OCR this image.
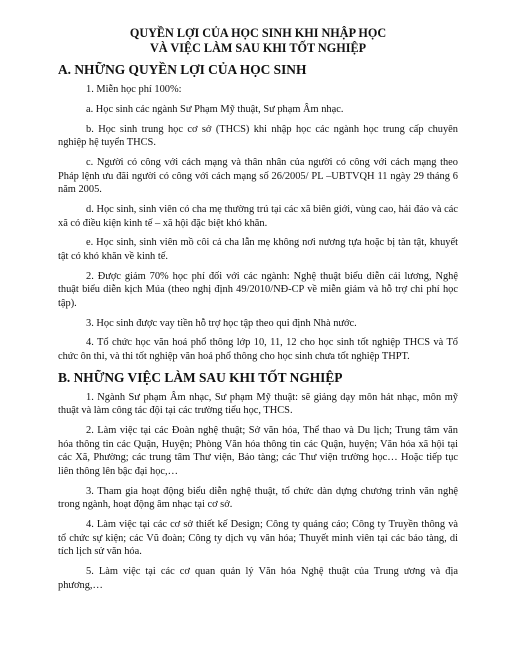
QUYỀN LỢI CỦA HỌC SINH KHI NHẬP HỌC

VÀ VIỆC LÀM SAU KHI TỐT NGHIỆP

A. NHỮNG QUYỀN LỢI CỦA HỌC SINH

1. Miễn học phí 100%:

a. Học sinh các ngành Sư Phạm Mỹ thuật, Sư phạm Âm nhạc.

b. Học sinh trung học cơ sở (THCS) khi nhập học các ngành học trung cấp chuyên nghiệp hệ tuyển THCS.

c. Người có công với cách mạng và thân nhân của người có công với cách mạng theo Pháp lệnh ưu đãi người có công với cách mạng số 26/2005/ PL –UBTVQH 11 ngày 29 tháng 6 năm 2005.

d. Học sinh, sinh viên có cha mẹ thường trú tại các xã biên giới, vùng cao, hải đảo và các xã có điều kiện kinh tế – xã hội đặc biệt khó khăn.

e. Học sinh, sinh viên mồ côi cả cha lẫn mẹ không nơi nương tựa hoặc bị tàn tật, khuyết tật có khó khăn về kinh tế.

2. Được giảm 70% học phí đối với các ngành: Nghệ thuật biểu diễn cải lương, Nghệ thuật biểu diễn kịch Múa (theo nghị định 49/2010/NĐ-CP về miễn giảm và hỗ trợ chi phí học tập).

3. Học sinh được vay tiền hỗ trợ học tập theo qui định Nhà nước.

4. Tổ chức học văn hoá phổ thông lớp 10, 11, 12 cho học sinh tốt nghiệp THCS và Tổ chức ôn thi, và thi tốt nghiệp văn hoá phổ thông cho học sinh chưa tốt nghiệp THPT.

B. NHỮNG VIỆC LÀM SAU KHI TỐT NGHIỆP

1. Ngành Sư phạm Âm nhạc, Sư phạm Mỹ thuật: sẽ giảng dạy môn hát nhạc, môn mỹ thuật và làm công tác đội tại các trường tiểu học, THCS.

2. Làm việc tại các Đoàn nghệ thuật; Sở văn hóa, Thể thao và Du lịch; Trung tâm văn hóa thông tin các Quận, Huyện; Phòng Văn hóa thông tin các Quận, huyện; Văn hóa xã hội tại các Xã, Phường; các trung tâm Thư viện, Bảo tàng; các Thư viện trường học… Hoặc tiếp tục liên thông lên bậc đại học,…

3. Tham gia hoạt động biểu diễn nghệ thuật, tổ chức dàn dựng chương trình văn nghệ trong ngành, hoạt động âm nhạc tại cơ sở.

4. Làm việc tại các cơ sở thiết kế Design; Công ty quảng cáo; Công ty Truyền thông và tổ chức sự kiện; các Vũ đoàn; Công ty dịch vụ văn hóa; Thuyết minh viên tại các bảo tàng, di tích lịch sử văn hóa.

5. Làm việc tại các cơ quan quản lý Văn hóa Nghệ thuật của Trung ương và địa phương,…
